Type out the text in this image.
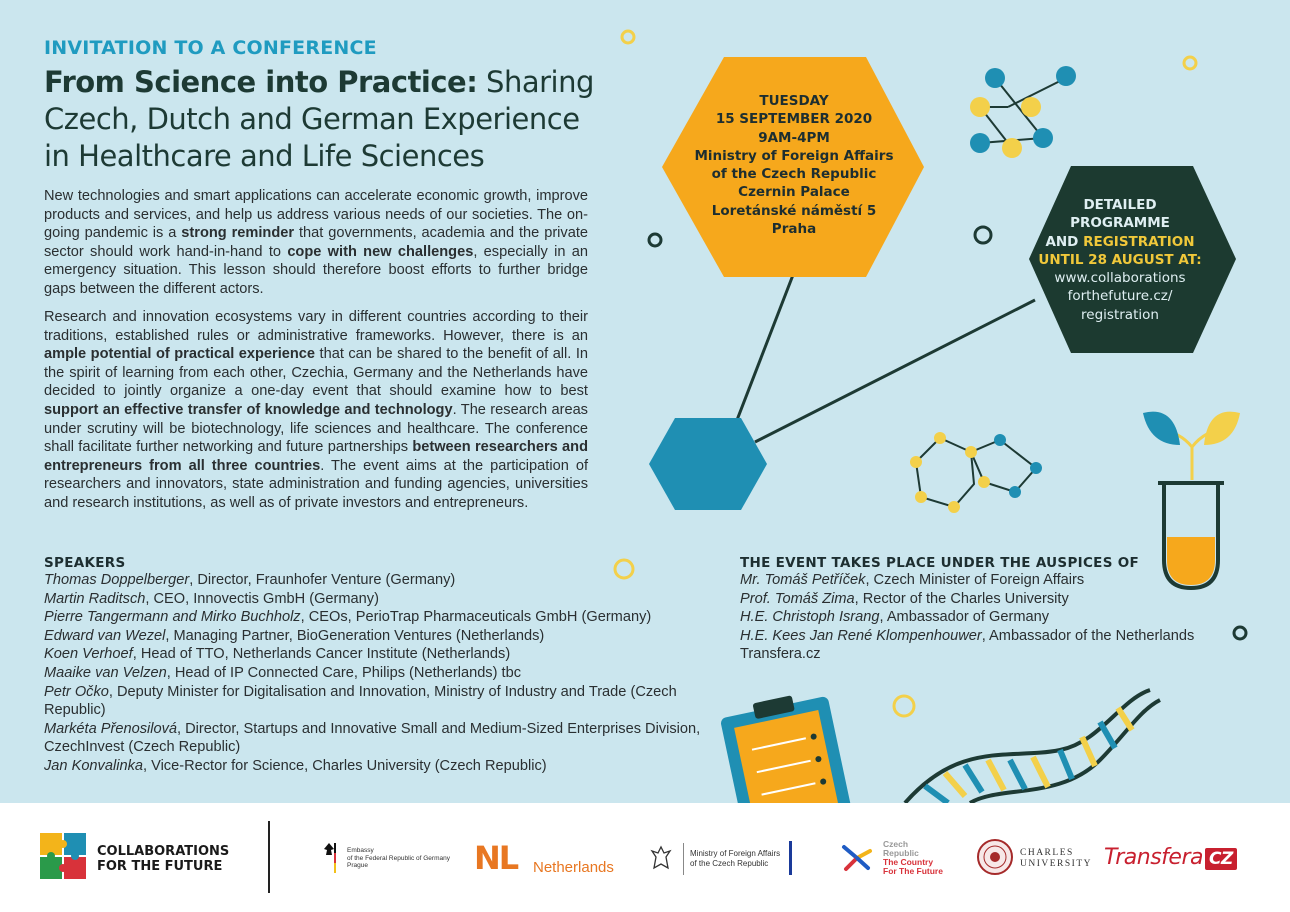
INVITATION TO A CONFERENCE
From Science into Practice: Sharing Czech, Dutch and German Experience in Healthcare and Life Sciences
New technologies and smart applications can accelerate economic growth, improve products and services, and help us address various needs of our societies. The on-going pandemic is a strong reminder that governments, academia and the private sector should work hand-in-hand to cope with new challenges, especially in an emergency situation. This lesson should therefore boost efforts to further bridge gaps between the different actors.
Research and innovation ecosystems vary in different countries according to their traditions, established rules or administrative frameworks. However, there is an ample potential of practical experience that can be shared to the benefit of all. In the spirit of learning from each other, Czechia, Germany and the Netherlands have decided to jointly organize a one-day event that should examine how to best support an effective transfer of knowledge and technology. The research areas under scrutiny will be biotechnology, life sciences and healthcare. The conference shall facilitate further networking and future partnerships between researchers and entrepreneurs from all three countries. The event aims at the participation of researchers and innovators, state administration and funding agencies, universities and research institutions, as well as of private investors and entrepreneurs.
TUESDAY
15 SEPTEMBER 2020
9AM-4PM
Ministry of Foreign Affairs
of the Czech Republic
Czernin Palace
Loretánské náměstí 5
Praha
DETAILED
PROGRAMME
AND REGISTRATION
UNTIL 28 AUGUST AT:
www.collaborations
forthefuture.cz/
registration
SPEAKERS
Thomas Doppelberger, Director, Fraunhofer Venture (Germany)
Martin Raditsch, CEO, Innovectis GmbH (Germany)
Pierre Tangermann and Mirko Buchholz, CEOs, PerioTrap Pharmaceuticals GmbH (Germany)
Edward van Wezel, Managing Partner, BioGeneration Ventures (Netherlands)
Koen Verhoef, Head of TTO, Netherlands Cancer Institute (Netherlands)
Maaike van Velzen, Head of IP Connected Care, Philips (Netherlands) tbc
Petr Očko, Deputy Minister for Digitalisation and Innovation, Ministry of Industry and Trade (Czech Republic)
Markéta Přenosilová, Director, Startups and Innovative Small and Medium-Sized Enterprises Division, CzechInvest (Czech Republic)
Jan Konvalinka, Vice-Rector for Science, Charles University (Czech Republic)
THE EVENT TAKES PLACE UNDER THE AUSPICES OF
Mr. Tomáš Petříček, Czech Minister of Foreign Affairs
Prof. Tomáš Zima, Rector of the Charles University
H.E. Christoph Israng, Ambassador of Germany
H.E. Kees Jan René Klompenhouwer, Ambassador of the Netherlands
Transfera.cz
COLLABORATIONS
FOR THE FUTURE
Embassy
of the Federal Republic of Germany
Prague	NL Netherlands
Ministry of Foreign Affairs
of the Czech Republic
Czech
Republic
The Country
For The Future
CHARLES
UNIVERSITY Transfera CZ
